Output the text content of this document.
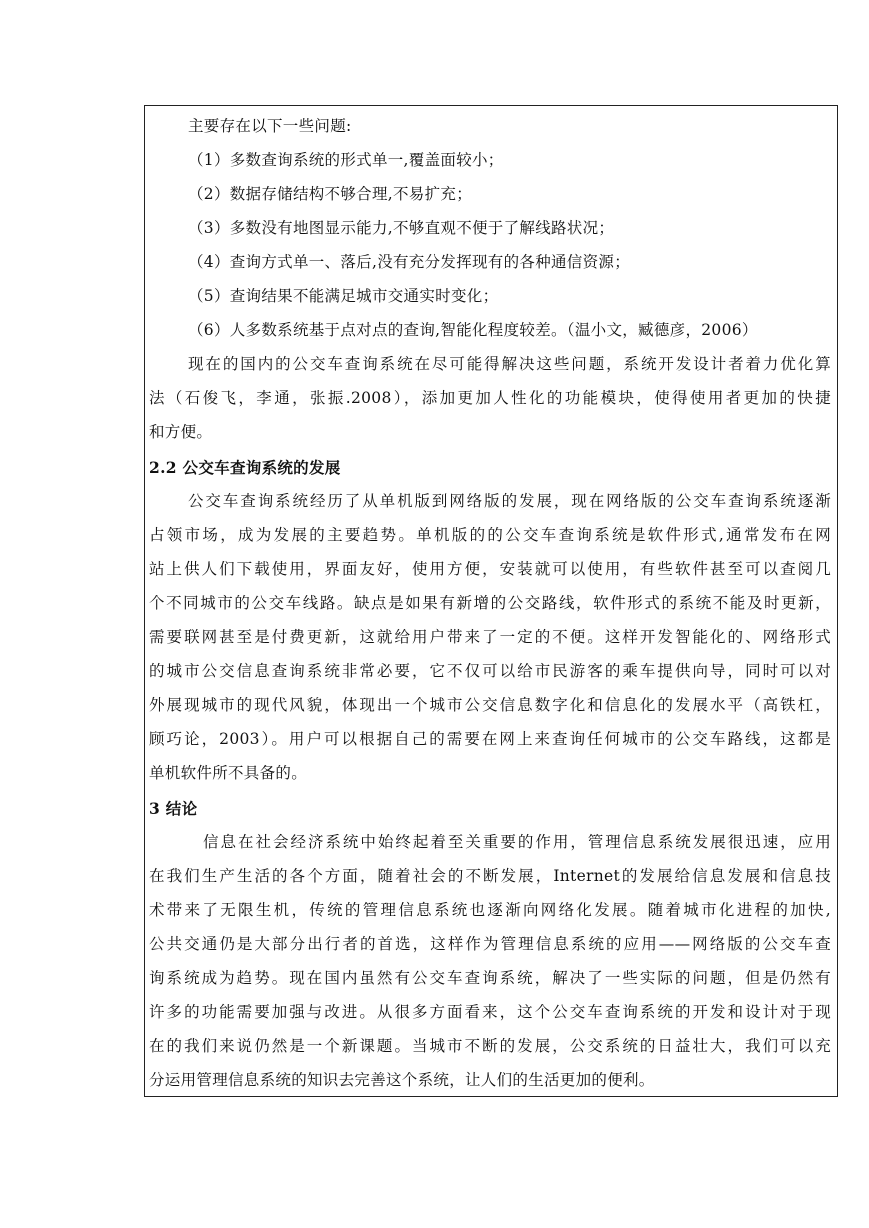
主要存在以下一些问题:
（1）多数查询系统的形式单一,覆盖面较小；
（2）数据存储结构不够合理,不易扩充；
（3）多数没有地图显示能力,不够直观不便于了解线路状况；
（4）查询方式单一、落后,没有充分发挥现有的各种通信资源；
（5）查询结果不能满足城市交通实时变化；
（6）人多数系统基于点对点的查询,智能化程度较差。（温小文，臧德彦，2006）
现在的国内的公交车查询系统在尽可能得解决这些问题，系统开发设计者着力优化算
法（石俊飞，李通，张振.2008），添加更加人性化的功能模块，使得使用者更加的快捷
和方便。
2.2 公交车查询系统的发展
公交车查询系统经历了从单机版到网络版的发展，现在网络版的公交车查询系统逐渐
占领市场，成为发展的主要趋势。单机版的的公交车查询系统是软件形式,通常发布在网
站上供人们下载使用，界面友好，使用方便，安装就可以使用，有些软件甚至可以查阅几
个不同城市的公交车线路。缺点是如果有新增的公交路线，软件形式的系统不能及时更新，
需要联网甚至是付费更新，这就给用户带来了一定的不便。这样开发智能化的、网络形式
的城市公交信息查询系统非常必要，它不仅可以给市民游客的乘车提供向导，同时可以对
外展现城市的现代风貌，体现出一个城市公交信息数字化和信息化的发展水平（高铁杠，
顾巧论，2003）。用户可以根据自己的需要在网上来查询任何城市的公交车路线，这都是
单机软件所不具备的。
3 结论
信息在社会经济系统中始终起着至关重要的作用，管理信息系统发展很迅速，应用
在我们生产生活的各个方面，随着社会的不断发展，Internet的发展给信息发展和信息技
术带来了无限生机，传统的管理信息系统也逐渐向网络化发展。随着城市化进程的加快,
公共交通仍是大部分出行者的首选，这样作为管理信息系统的应用——网络版的公交车查
询系统成为趋势。现在国内虽然有公交车查询系统，解决了一些实际的问题，但是仍然有
许多的功能需要加强与改进。从很多方面看来，这个公交车查询系统的开发和设计对于现
在的我们来说仍然是一个新课题。当城市不断的发展，公交系统的日益壮大，我们可以充
分运用管理信息系统的知识去完善这个系统，让人们的生活更加的便利。
